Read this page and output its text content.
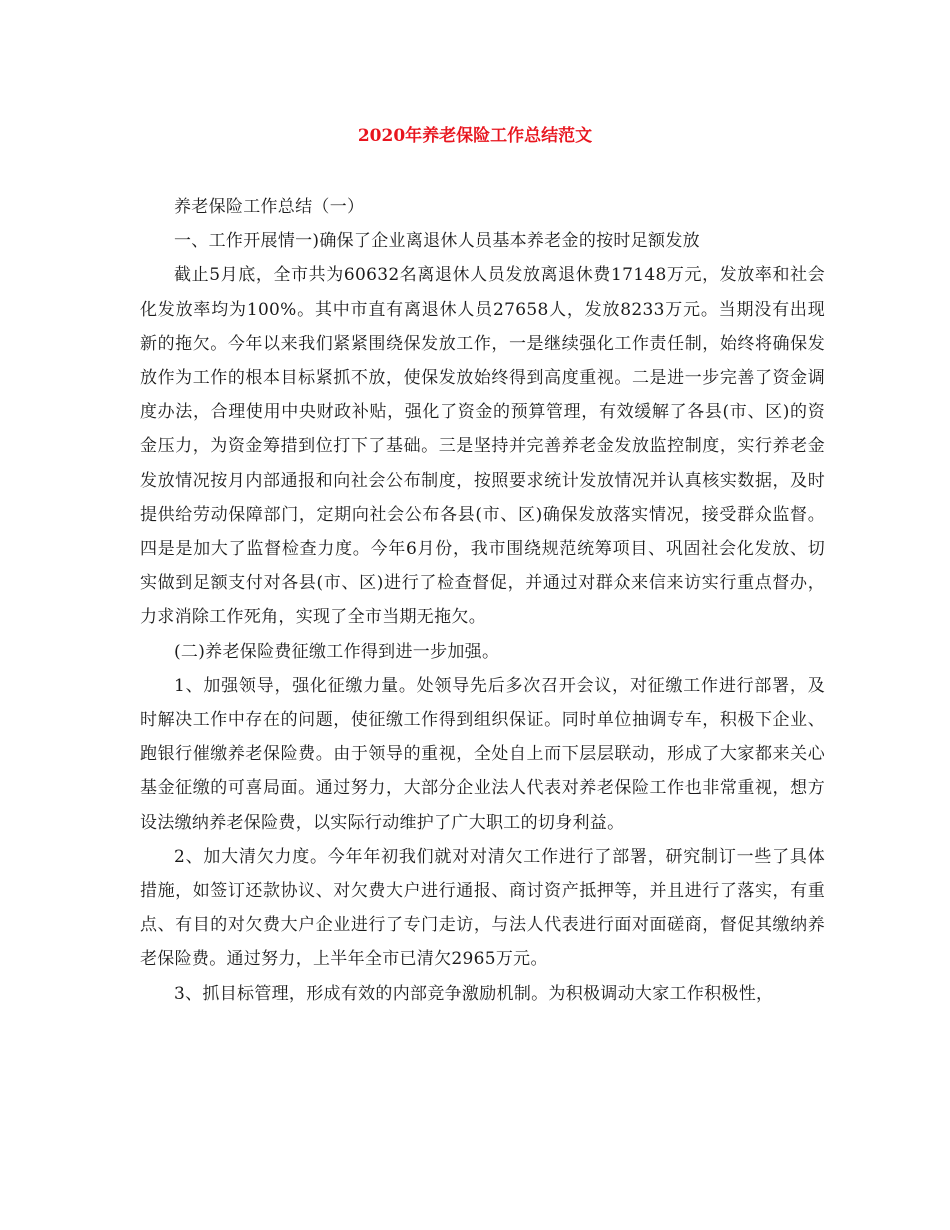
2020年养老保险工作总结范文

养老保险工作总结（一）

一、工作开展情一)确保了企业离退休人员基本养老金的按时足额发放

截止5月底，全市共为60632名离退休人员发放离退休费17148万元，发放率和社会化发放率均为100%。其中市直有离退休人员27658人，发放8233万元。当期没有出现新的拖欠。今年以来我们紧紧围绕保发放工作，一是继续强化工作责任制，始终将确保发放作为工作的根本目标紧抓不放，使保发放始终得到高度重视。二是进一步完善了资金调度办法，合理使用中央财政补贴，强化了资金的预算管理，有效缓解了各县(市、区)的资金压力，为资金筹措到位打下了基础。三是坚持并完善养老金发放监控制度，实行养老金发放情况按月内部通报和向社会公布制度，按照要求统计发放情况并认真核实数据，及时提供给劳动保障部门，定期向社会公布各县(市、区)确保发放落实情况，接受群众监督。四是是加大了监督检查力度。今年6月份，我市围绕规范统筹项目、巩固社会化发放、切实做到足额支付对各县(市、区)进行了检查督促，并通过对群众来信来访实行重点督办，力求消除工作死角，实现了全市当期无拖欠。

(二)养老保险费征缴工作得到进一步加强。

1、加强领导，强化征缴力量。处领导先后多次召开会议，对征缴工作进行部署，及时解决工作中存在的问题，使征缴工作得到组织保证。同时单位抽调专车，积极下企业、跑银行催缴养老保险费。由于领导的重视，全处自上而下层层联动，形成了大家都来关心基金征缴的可喜局面。通过努力，大部分企业法人代表对养老保险工作也非常重视，想方设法缴纳养老保险费，以实际行动维护了广大职工的切身利益。

2、加大清欠力度。今年年初我们就对对清欠工作进行了部署，研究制订一些了具体措施，如签订还款协议、对欠费大户进行通报、商讨资产抵押等，并且进行了落实，有重点、有目的对欠费大户企业进行了专门走访，与法人代表进行面对面磋商，督促其缴纳养老保险费。通过努力，上半年全市已清欠2965万元。

3、抓目标管理，形成有效的内部竞争激励机制。为积极调动大家工作积极性，
